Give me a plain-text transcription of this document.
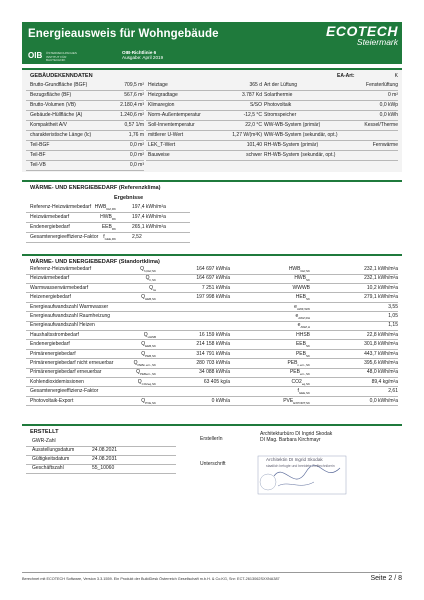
Energieausweis für Wohngebäude	ECOTECH
Steiermark
OIB ÖSTERREICHISCHES INSTITUT FÜR BAUTECHNIK
OIB-Richtlinie 6
Ausgabe: April 2019
GEBÄUDEKENNDATEN	EA-Art:	K
Brutto-Grundfläche (BGF)	709,5 m²
Bezugsfläche (BF)	567,6 m²
Brutto-Volumen (VB)	2.180,4 m³
Gebäude-Hüllfläche (A)	1.240,6 m²
Kompaktheit A/V	0,57 1/m
charakteristische Länge (lc)	1,76 m
Teil-BGF	0,0 m²
Teil-BF	0,0 m²
Teil-VB	0,0 m³
Heiztage	365 d
Heizgradtage	3.787 Kd
Klimaregion	S/SO
Norm-Außentemperatur	-12,5 °C
Soll-Innentemperatur	22,0 °C
mittlerer U-Wert	1,27 W/(m²K)
LEK_T-Wert	101,40
Bauweise	schwer
Art der Lüftung	Fensterlüftung
Solarthermie	0 m²
Photovoltaik	0,0 kWp
Stromspeicher	0,0 kWh
WW-WB-System (primär)	Kessel/Therme
WW-WB-System (sekundär, opt.)
RH-WB-System (primär)	Fernwärme
RH-WB-System (sekundär, opt.)
WÄRME- UND ENERGIEBEDARF (Referenzklima)
Ergebnisse
Referenz-Heizwärmebedarf $HWB_{Ref,RK}$	197,4 kWh/m²a
Heizwärmebedarf	$HWB_{RK}$	197,4 kWh/m²a
Endenergiebedarf	$EEB_{RK}$	265,1 kWh/m²a
Gesamtenergieeffizienz-Faktor $f_{GEE,RK}$	2,52
WÄRME- UND ENERGIEBEDARF (Standortklima)
Referenz-Heizwärmebedarf	$Q_{h,Ref,SK}$	164 697 kWh/a	$HWB_{Ref,SK}$	232,1 kWh/m²a
Heizwärmebedarf	$Q_{h,SK}$	164 697 kWh/a	$HWB_{SK}$	232,1 kWh/m²a
Warmwasserwärmebedarf	$Q_{tw}$	7 251 kWh/a	WWWB	10,2 kWh/m²a
Heizenergiebedarf	$Q_{HEB,SK}$	197 998 kWh/a	$HEB_{SK}$	279,1 kWh/m²a
Energieaufwandszahl Warmwasser	$e_{AWZ,WW}$	3,55
Energieaufwandszahl Raumheizung	$e_{AWZ,RH}$	1,05
Energieaufwandszahl Heizen	$e_{AWZ,H}$	1,15
Haushaltsstrombedarf	$Q_{HHSB}$	16 159 kWh/a	HHSB	22,8 kWh/m²a
Endenergiebedarf	$Q_{EEB,SK}$	214 158 kWh/a	$EEB_{SK}$	301,8 kWh/m²a
Primärenergiebedarf	$Q_{PEB,SK}$	314 791 kWh/a	$PEB_{SK}$	443,7 kWh/m²a
Primärenergiebedarf nicht erneuerbar	$Q_{PEBn.ern.,SK}$	280 703 kWh/a	$PEB_{n.ern.,SK}$	395,6 kWh/m²a
Primärenergiebedarf erneuerbar	$Q_{PEBern.,SK}$	34 088 kWh/a	$PEB_{ern.,SK}$	48,0 kWh/m²a
Kohlendioxidemissionen	$Q_{CO2eq,SK}$	63 405 kg/a	$CO2_{eq,SK}$	89,4 kg/m²a
Gesamtenergieeffizienz-Faktor	$f_{GEE,SK}$	2,61
Photovoltaik-Export	$Q_{PVE,SK}$	0 kWh/a	$PVE_{EXPORT,SK}$	0,0 kWh/m²a
ERSTELLT
GWR-Zahl
Ausstellungsdatum	24.08.2021
Gültigkeitsdatum	24.08.2031
Geschäftszahl	55_10060
ErstellerIn
Architekturbüro DI Ingrid Skodak
DI Mag. Barbara Kirchmayr
Unterschrift
Architektin DI Ingrid Skodak
staatlich befugte und beeidete Ziviltechnikerin
Berechnet mit ECOTECH Software, Version 3.3.1559. Ein Produkt der BuildDesk Österreich Gesellschaft m.b.H. & Co.KG, Snr: ECT-2613062SXXNA387	Seite 2 / 8
